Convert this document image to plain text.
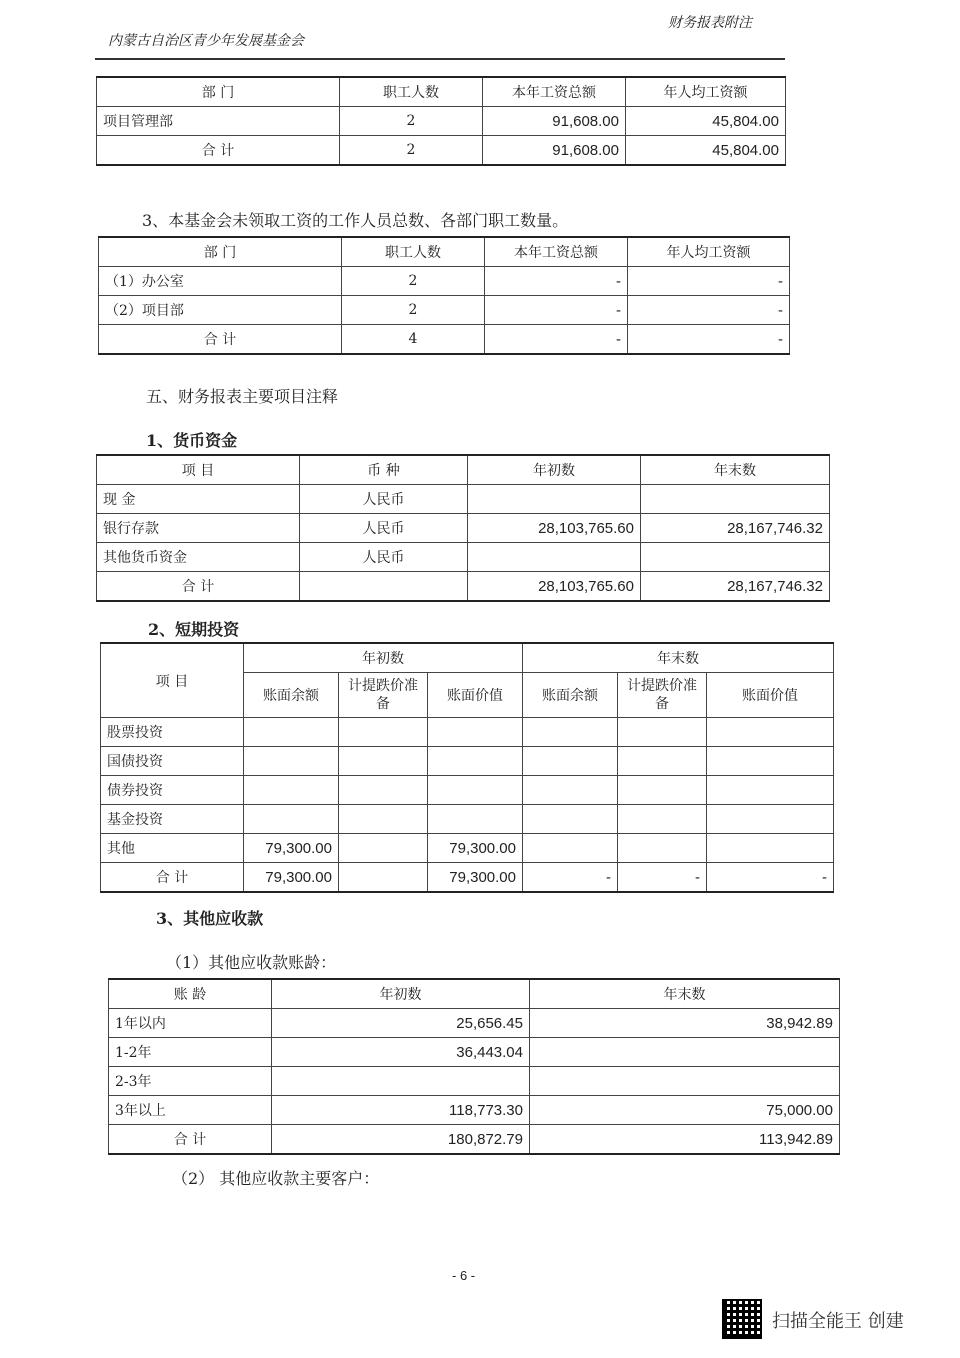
内蒙古自治区青少年发展基金会
财务报表附注
部 门	职工人数	本年工资总额	年人均工资额
项目管理部	2	91,608.00	45,804.00
合 计	2	91,608.00	45,804.00
3、本基金会未领取工资的工作人员总数、各部门职工数量。
部 门	职工人数	本年工资总额	年人均工资额
（1）办公室	2	-	-
（2）项目部	2	-	-
合 计	4	-	-
五、财务报表主要项目注释
1、货币资金
项 目	币 种	年初数	年末数
现 金	人民币		
银行存款	人民币	28,103,765.60	28,167,746.32
其他货币资金	人民币		
合 计		28,103,765.60	28,167,746.32
2、短期投资
项 目	年初数			年末数		
	账面余额	计提跌价准备	账面价值	账面余额	计提跌价准备	账面价值
股票投资						
国债投资						
债券投资						
基金投资						
其他	79,300.00		79,300.00			
合 计	79,300.00		79,300.00	-	-	-
3、其他应收款
（1）其他应收款账龄：
账 龄	年初数	年末数
1年以内	25,656.45	38,942.89
1-2年	36,443.04	
2-3年		
3年以上	118,773.30	75,000.00
合 计	180,872.79	113,942.89
（2） 其他应收款主要客户：
- 6 -
扫描全能王 创建
